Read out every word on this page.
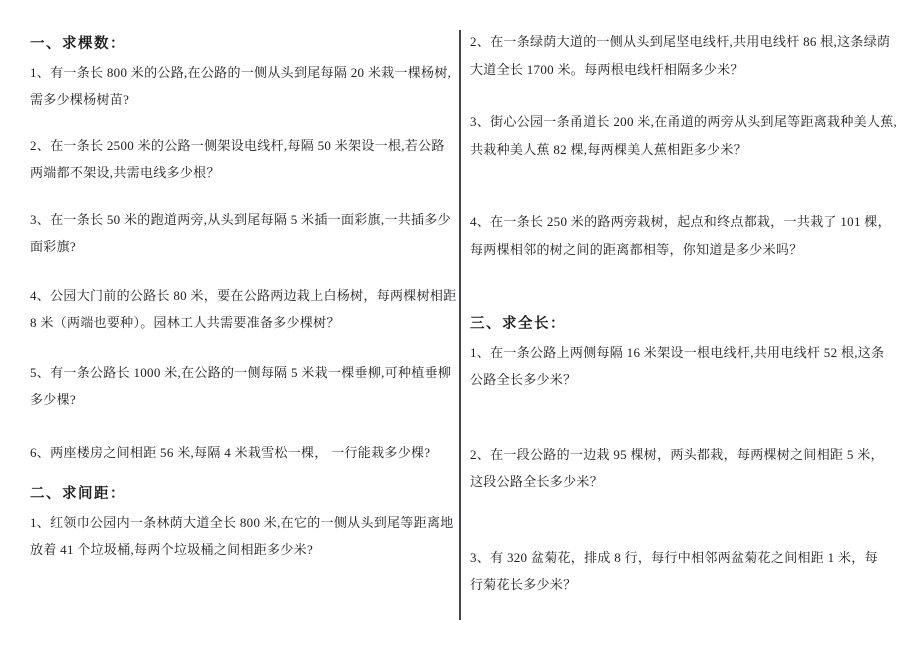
一、求棵数：
1、有一条长 800 米的公路,在公路的一侧从头到尾每隔 20 米栽一棵杨树,
需多少棵杨树苗?
2、在一条长 2500 米的公路一侧架设电线杆,每隔 50 米架设一根,若公路
两端都不架设,共需电线多少根？
3、在一条长 50 米的跑道两旁,从头到尾每隔 5 米插一面彩旗,一共插多少
面彩旗?
4、公园大门前的公路长 80 米，要在公路两边栽上白杨树，每两棵树相距
8 米（两端也要种）。园林工人共需要准备多少棵树？
5、有一条公路长 1000 米,在公路的一侧每隔 5 米栽一棵垂柳,可种植垂柳
多少棵?
6、两座楼房之间相距 56 米,每隔 4 米栽雪松一棵， 一行能栽多少棵?
二、求间距：
1、红领巾公园内一条林荫大道全长 800 米,在它的一侧从头到尾等距离地
放着 41 个垃圾桶,每两个垃圾桶之间相距多少米?
2、在一条绿荫大道的一侧从头到尾坚电线杆,共用电线杆 86 根,这条绿荫
大道全长 1700 米。每两根电线杆相隔多少米？
3、街心公园一条甬道长 200 米,在甬道的两旁从头到尾等距离栽种美人蕉,
共栽种美人蕉 82 棵,每两棵美人蕉相距多少米？
4、在一条长 250 米的路两旁栽树，起点和终点都栽，一共栽了 101 棵，
每两棵相邻的树之间的距离都相等，你知道是多少米吗？
三、求全长：
1、在一条公路上两侧每隔 16 米架设一根电线杆,共用电线杆 52 根,这条
公路全长多少米？
2、在一段公路的一边栽 95 棵树，两头都栽，每两棵树之间相距 5 米，
这段公路全长多少米？
3、有 320 盆菊花，排成 8 行，每行中相邻两盆菊花之间相距 1 米，每
行菊花长多少米？
